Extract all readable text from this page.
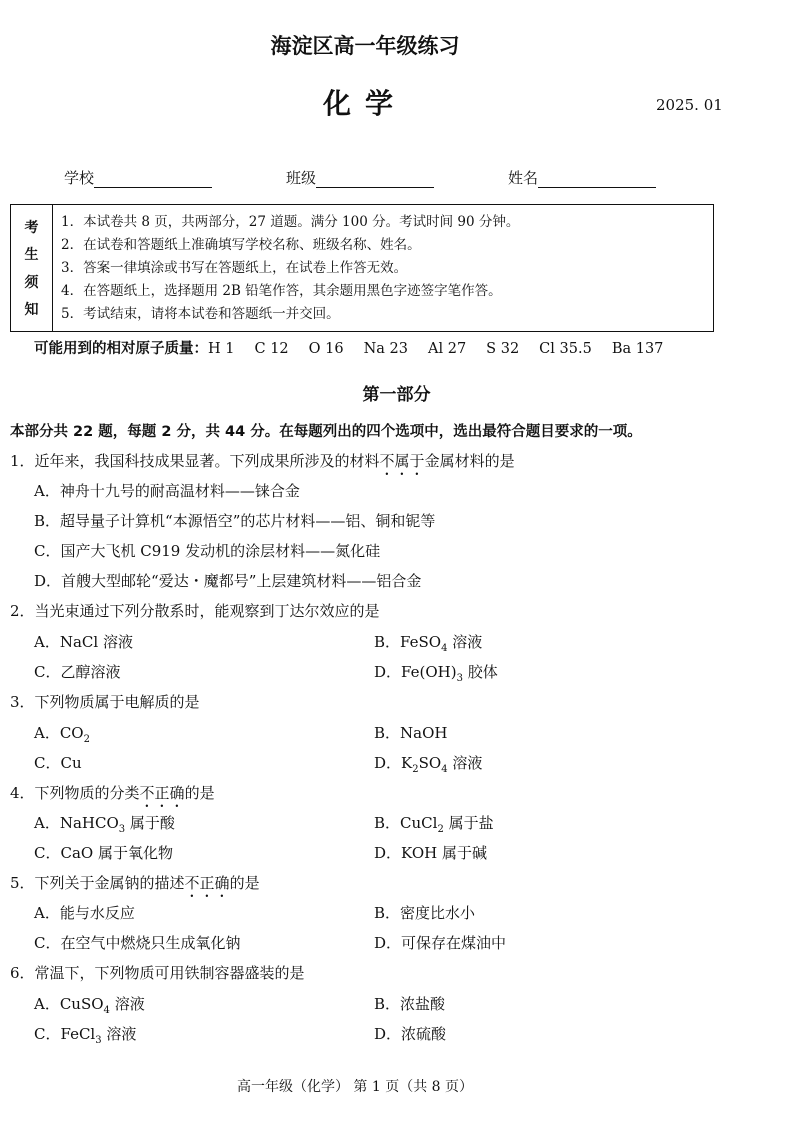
海淀区高一年级练习
化学	2025. 01
学校	班级	姓名
考
生
须
知
1．本试卷共 8 页，共两部分，27 道题。满分 100 分。考试时间 90 分钟。
2．在试卷和答题纸上准确填写学校名称、班级名称、姓名。
3．答案一律填涂或书写在答题纸上，在试卷上作答无效。
4．在答题纸上，选择题用 2B 铅笔作答，其余题用黑色字迹签字笔作答。
5．考试结束，请将本试卷和答题纸一并交回。
可能用到的相对原子质量：H 1 C 12 O 16 Na 23 Al 27 S 32 Cl 35.5 Ba 137
第一部分
本部分共 22 题，每题 2 分，共 44 分。在每题列出的四个选项中，选出最符合题目要求的一项。
1．近年来，我国科技成果显著。下列成果所涉及的材料不属于金属材料的是
A．神舟十九号的耐高温材料——铼合金
B．超导量子计算机“本源悟空”的芯片材料——铝、铜和铌等
C．国产大飞机 C919 发动机的涂层材料——氮化硅
D．首艘大型邮轮“爱达・魔都号”上层建筑材料——铝合金
2．当光束通过下列分散系时，能观察到丁达尔效应的是
A．NaCl 溶液	B．FeSO$_4$ 溶液
C．乙醇溶液	D．$Fe(OH)_3$ 胶体
3．下列物质属于电解质的是
A．$CO_2$	B．NaOH
C．Cu	D．$K_2SO_4$ 溶液
4．下列物质的分类不正确的是
A．NaHCO$_3$ 属于酸	B．CuCl$_2$ 属于盐
C．CaO 属于氧化物	D．KOH 属于碱
5．下列关于金属钠的描述不正确的是
A．能与水反应	B．密度比水小
C．在空气中燃烧只生成氧化钠	D．可保存在煤油中
6．常温下，下列物质可用铁制容器盛装的是
A．CuSO$_4$ 溶液	B．浓盐酸
C．FeCl$_3$ 溶液	D．浓硫酸
高一年级（化学） 第 1 页（共 8 页）
